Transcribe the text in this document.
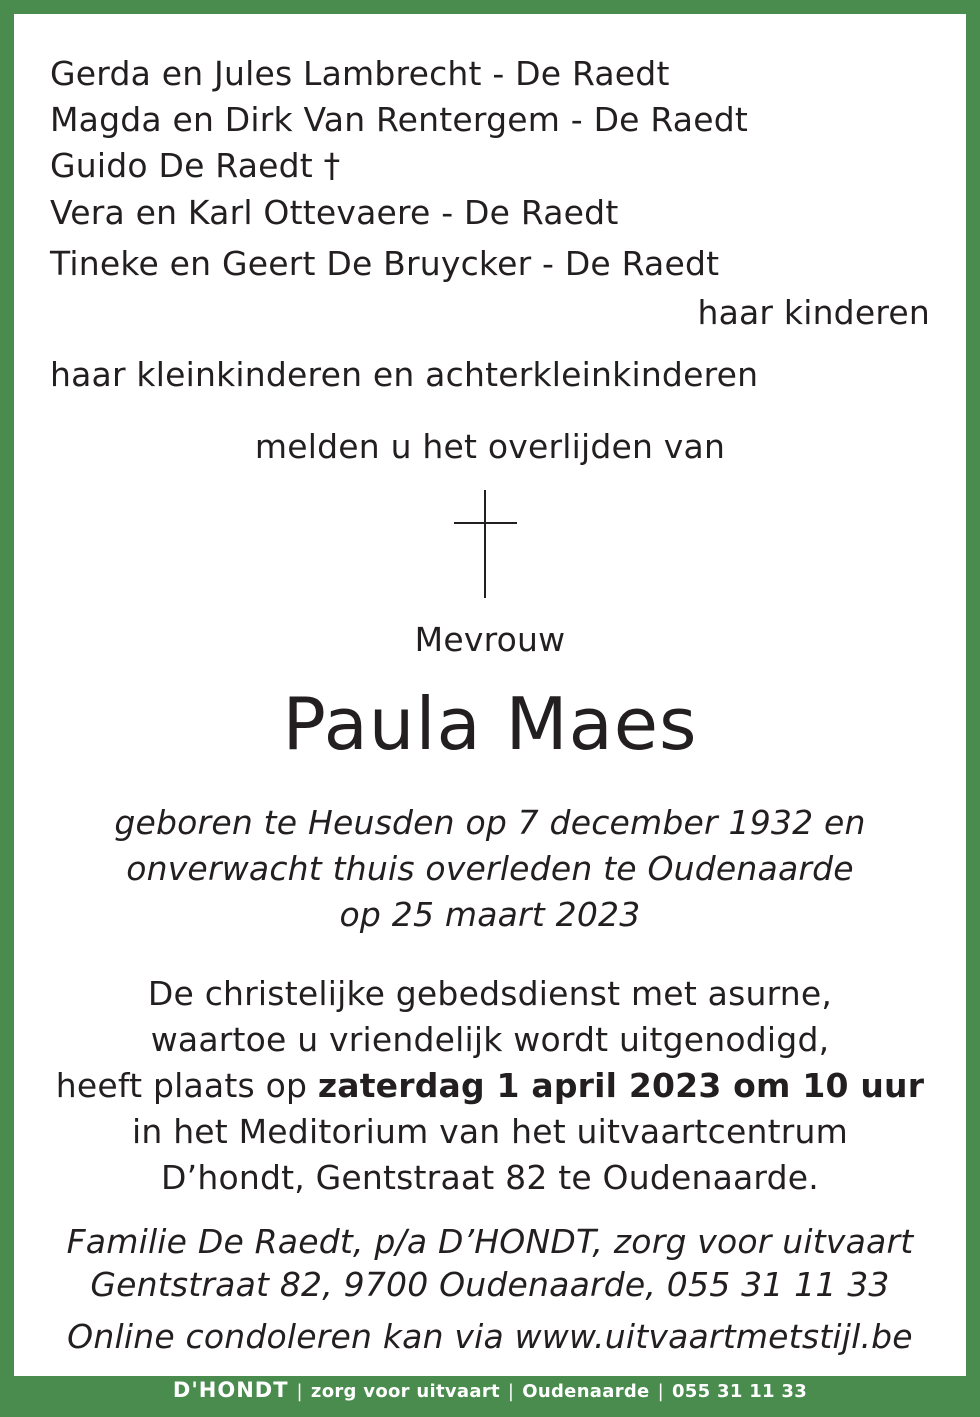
Gerda en Jules Lambrecht - De Raedt
Magda en Dirk Van Rentergem - De Raedt
Guido De Raedt †
Vera en Karl Ottevaere - De Raedt
Tineke en Geert De Bruycker - De Raedt
haar kinderen
haar kleinkinderen en achterkleinkinderen
melden u het overlijden van
Mevrouw
Paula Maes
geboren te Heusden op 7 december 1932 en
onverwacht thuis overleden te Oudenaarde
op 25 maart 2023
De christelijke gebedsdienst met asurne,
waartoe u vriendelijk wordt uitgenodigd,
heeft plaats op zaterdag 1 april 2023 om 10 uur
in het Meditorium van het uitvaartcentrum
D’hondt, Gentstraat 82 te Oudenaarde.
Familie De Raedt, p/a D’HONDT, zorg voor uitvaart
Gentstraat 82, 9700 Oudenaarde, 055 31 11 33
Online condoleren kan via www.uitvaartmetstijl.be
D'HONDT | zorg voor uitvaart | Oudenaarde | 055 31 11 33
